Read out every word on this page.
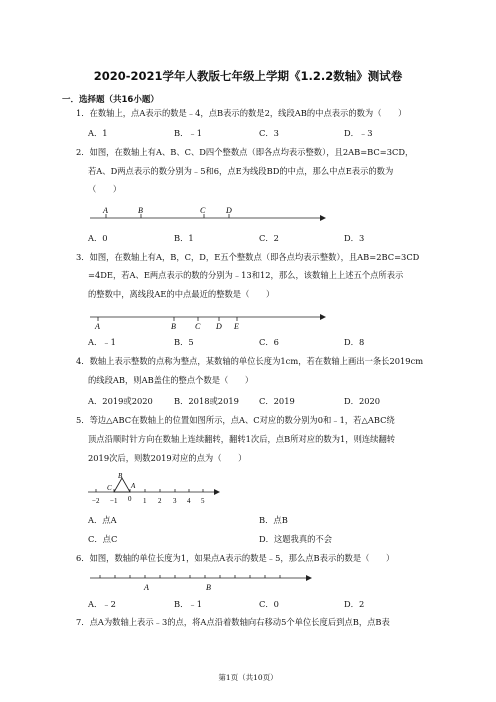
2020-2021学年人教版七年级上学期《1.2.2数轴》测试卷
一．选择题（共16小题）
1．在数轴上，点A表示的数是﹣4，点B表示的数是2，线段AB的中点表示的数为（　　）
A．1	B．﹣1	C．3	D．﹣3
2．如图，在数轴上有A、B、C、D四个整数点（即各点均表示整数），且2AB=BC=3CD，
若A、D两点表示的数分别为﹣5和6，点E为线段BD的中点，那么中点E表示的数为
（　　）
A	B	C	D
A．0	B．1	C．2	D．3
3．如图，在数轴上有A，B，C，D，E五个整数点（即各点均表示整数），且AB=2BC=3CD
=4DE，若A、E两点表示的数的分别为﹣13和12，那么，该数轴上上述五个点所表示
的整数中，离线段AE的中点最近的整数是（　　）
A	B C D E
A．﹣1	B．5	C．6	D．8
4．数轴上表示整数的点称为整点，某数轴的单位长度为1cm，若在数轴上画出一条长2019cm
的线段AB，则AB盖住的整点个数是（　　）
A．2019或2020	B．2018或2019 C．2019	D．2020
5．等边△ABC在数轴上的位置如图所示，点A、C对应的数分别为0和﹣1，若△ABC绕
顶点沿顺时针方向在数轴上连续翻转，翻转1次后，点B所对应的数为1，则连续翻转
2019次后，则数2019对应的点为（　　）
B
C	A
−2 −1 0 1 2 3 4 5
A．点A	B．点B
C．点C	D．这题我真的不会
6．如图，数轴的单位长度为1，如果点A表示的数是﹣5，那么点B表示的数是（　　）
A	B
A．﹣2	B．﹣1	C．0	D．2
7．点A为数轴上表示﹣3的点，将A点沿着数轴向右移动5个单位长度后到点B，点B表
第1页（共10页）
